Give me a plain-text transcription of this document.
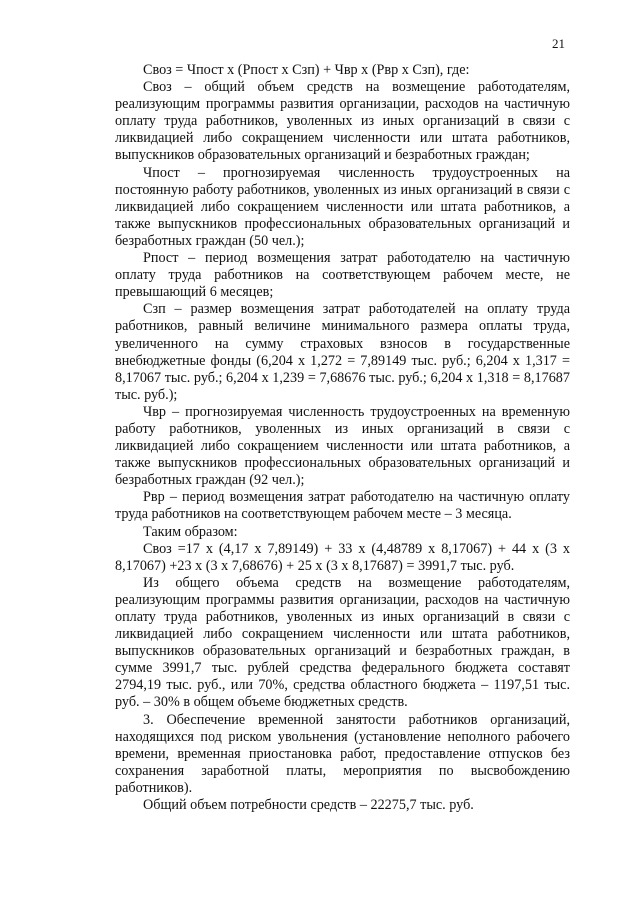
21

Своз = Чпост х (Рпост х Сзп) + Чвр х (Рвр х Сзп), где:

Своз – общий объем средств на возмещение работодателям, реализующим программы развития организации, расходов на частичную оплату труда работников, уволенных из иных организаций в связи с ликвидацией либо сокращением численности или штата работников, выпускников образовательных организаций и безработных граждан;

Чпост – прогнозируемая численность трудоустроенных на постоянную работу работников, уволенных из иных организаций в связи с ликвидацией либо сокращением численности или штата работников, а также выпускников профессиональных образовательных организаций и безработных граждан (50 чел.);

Рпост – период возмещения затрат работодателю на частичную оплату труда работников на соответствующем рабочем месте, не превышающий 6 месяцев;

Сзп – размер возмещения затрат работодателей на оплату труда работников, равный величине минимального размера оплаты труда, увеличенного на сумму страховых взносов в государственные внебюджетные фонды (6,204 х 1,272 = 7,89149 тыс. руб.; 6,204 х 1,317 = 8,17067 тыс. руб.; 6,204 х 1,239 = 7,68676 тыс. руб.; 6,204 х 1,318 = 8,17687 тыс. руб.);

Чвр – прогнозируемая численность трудоустроенных на временную работу работников, уволенных из иных организаций в связи с ликвидацией либо сокращением численности или штата работников, а также выпускников профессиональных образовательных организаций и безработных граждан (92 чел.);

Рвр – период возмещения затрат работодателю на частичную оплату труда работников на соответствующем рабочем месте – 3 месяца.

Таким образом:

Своз =17 х (4,17 х 7,89149) + 33 х (4,48789 х 8,17067) + 44 х (3 х 8,17067) +23 х (3 х 7,68676) + 25 х (3 х 8,17687) = 3991,7 тыс. руб.

Из общего объема средств на возмещение работодателям, реализующим программы развития организации, расходов на частичную оплату труда работников, уволенных из иных организаций в связи с ликвидацией либо сокращением численности или штата работников, выпускников образовательных организаций и безработных граждан, в сумме 3991,7 тыс. рублей средства федерального бюджета составят 2794,19 тыс. руб., или 70%, средства областного бюджета – 1197,51 тыс. руб. – 30% в общем объеме бюджетных средств.

3. Обеспечение временной занятости работников организаций, находящихся под риском увольнения (установление неполного рабочего времени, временная приостановка работ, предоставление отпусков без сохранения заработной платы, мероприятия по высвобождению работников).

Общий объем потребности средств – 22275,7 тыс. руб.
